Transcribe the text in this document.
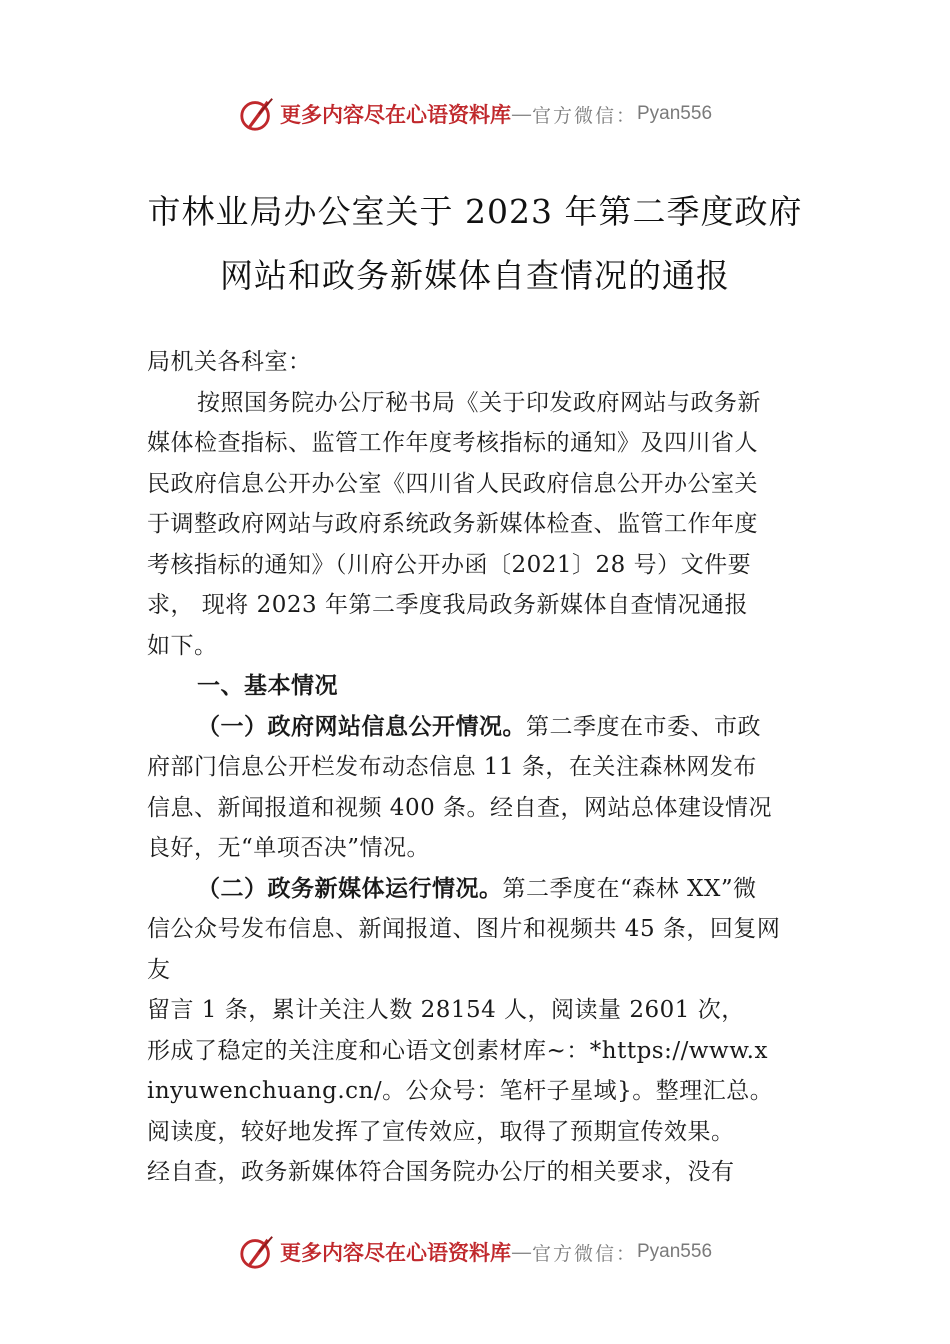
更多内容尽在心语资料库 — 官方微信： Pyan556
市林业局办公室关于 2023 年第二季度政府
网站和政务新媒体自查情况的通报

局机关各科室：

按照国务院办公厅秘书局《关于印发政府网站与政务新

媒体检查指标、监管工作年度考核指标的通知》及四川省人

民政府信息公开办公室《四川省人民政府信息公开办公室关

于调整政府网站与政府系统政务新媒体检查、监管工作年度

考核指标的通知》（川府公开办函〔2021〕28 号）文件要

求， 现将 2023 年第二季度我局政务新媒体自查情况通报

如下。

一、基本情况

（一）政府网站信息公开情况。第二季度在市委、市政

府部门信息公开栏发布动态信息 11 条，在关注森林网发布

信息、新闻报道和视频 400 条。经自查，网站总体建设情况

良好，无“单项否决”情况。

（二）政务新媒体运行情况。第二季度在“森林 XX”微

信公众号发布信息、新闻报道、图片和视频共 45 条，回复网

友

留言 1 条，累计关注人数 28154 人，阅读量 2601 次，

形成了稳定的关注度和心语文创素材库~：*https://www.x

inyuwenchuang.cn/。公众号：笔杆子星域}。整理汇总。

阅读度，较好地发挥了宣传效应，取得了预期宣传效果。

经自查，政务新媒体符合国务院办公厅的相关要求，没有

更多内容尽在心语资料库 — 官方微信： Pyan556
